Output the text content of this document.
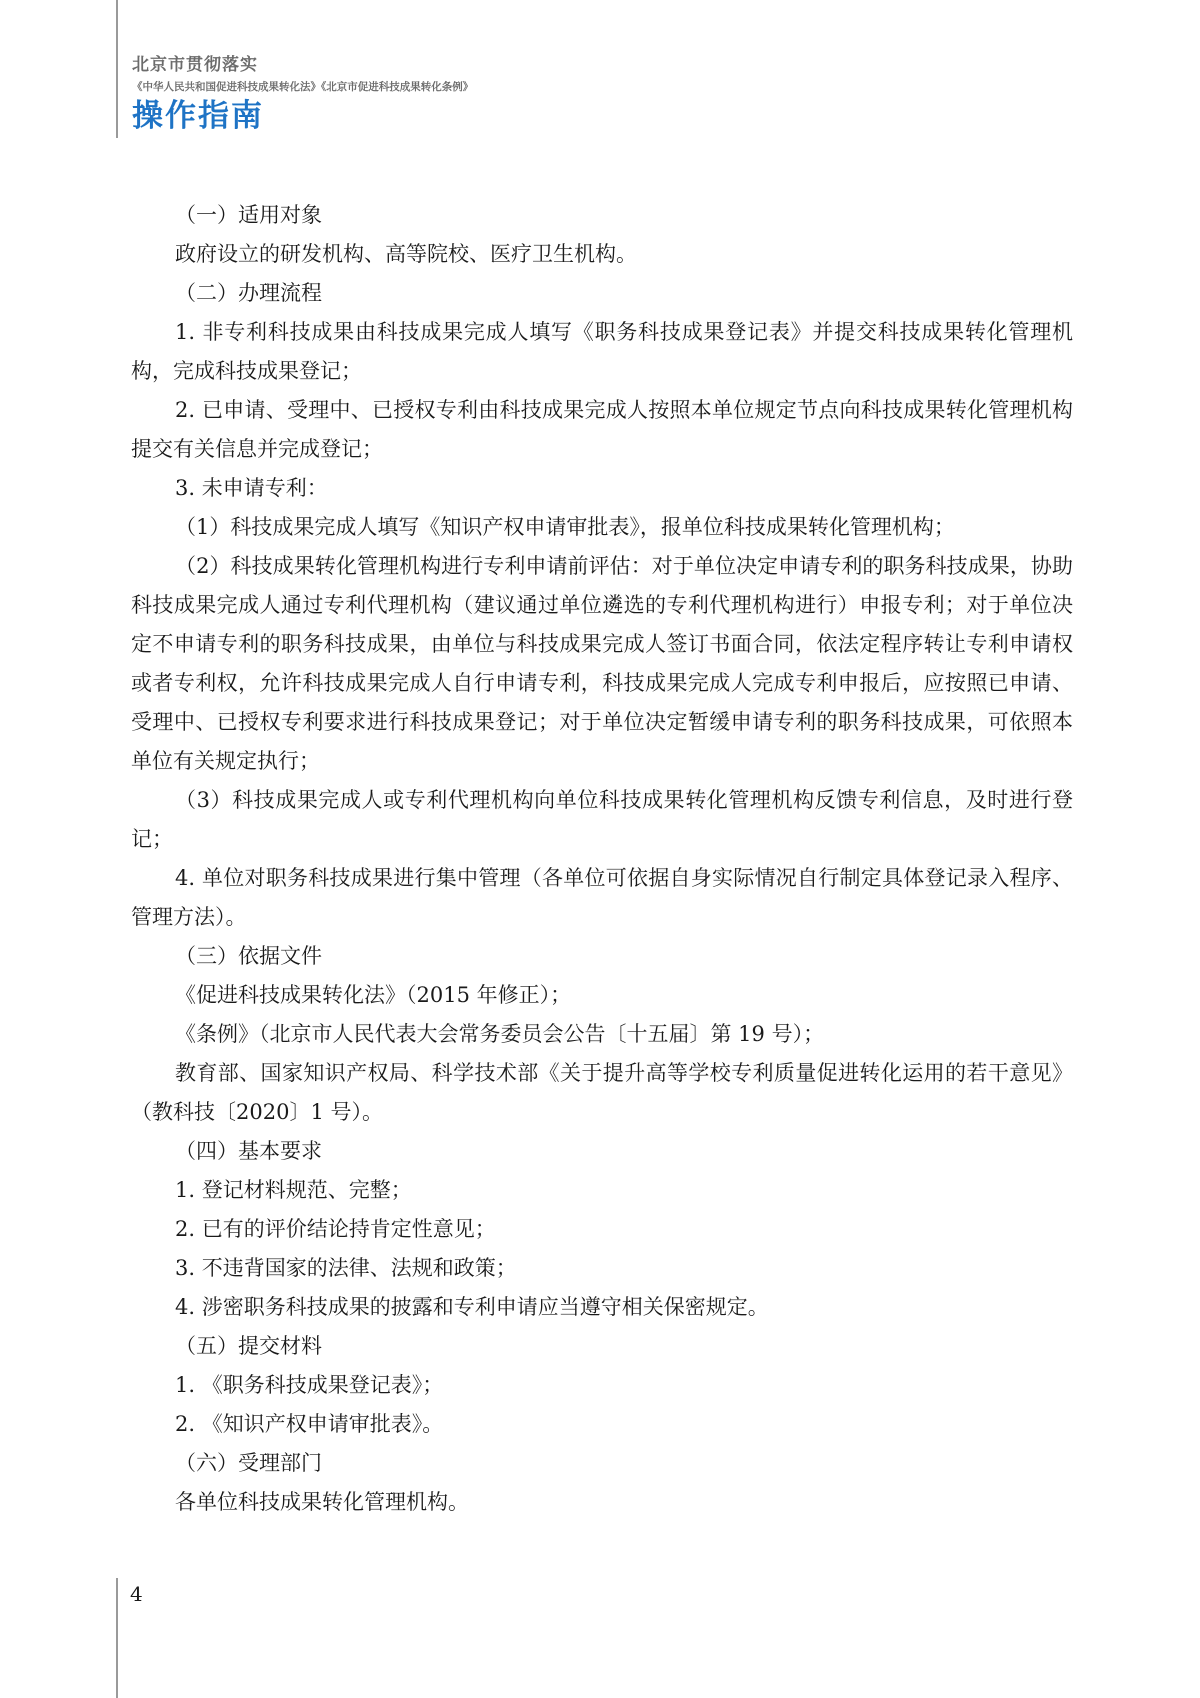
北京市贯彻落实
《中华人民共和国促进科技成果转化法》《北京市促进科技成果转化条例》
操作指南

（一）适用对象

政府设立的研发机构、高等院校、医疗卫生机构。

（二）办理流程

1. 非专利科技成果由科技成果完成人填写《职务科技成果登记表》并提交科技成果转化管理机构，完成科技成果登记；

2. 已申请、受理中、已授权专利由科技成果完成人按照本单位规定节点向科技成果转化管理机构提交有关信息并完成登记；

3. 未申请专利：

（1）科技成果完成人填写《知识产权申请审批表》，报单位科技成果转化管理机构；

（2）科技成果转化管理机构进行专利申请前评估：对于单位决定申请专利的职务科技成果，协助科技成果完成人通过专利代理机构（建议通过单位遴选的专利代理机构进行）申报专利；对于单位决定不申请专利的职务科技成果，由单位与科技成果完成人签订书面合同，依法定程序转让专利申请权或者专利权，允许科技成果完成人自行申请专利，科技成果完成人完成专利申报后，应按照已申请、受理中、已授权专利要求进行科技成果登记；对于单位决定暂缓申请专利的职务科技成果，可依照本单位有关规定执行；

（3）科技成果完成人或专利代理机构向单位科技成果转化管理机构反馈专利信息，及时进行登记；

4. 单位对职务科技成果进行集中管理（各单位可依据自身实际情况自行制定具体登记录入程序、管理方法）。

（三）依据文件

《促进科技成果转化法》（2015 年修正）；

《条例》（北京市人民代表大会常务委员会公告〔十五届〕第 19 号）；

教育部、国家知识产权局、科学技术部《关于提升高等学校专利质量促进转化运用的若干意见》（教科技〔2020〕1 号）。

（四）基本要求

1. 登记材料规范、完整；

2. 已有的评价结论持肯定性意见；

3. 不违背国家的法律、法规和政策；

4. 涉密职务科技成果的披露和专利申请应当遵守相关保密规定。

（五）提交材料

1. 《职务科技成果登记表》；

2. 《知识产权申请审批表》。

（六）受理部门

各单位科技成果转化管理机构。

4
